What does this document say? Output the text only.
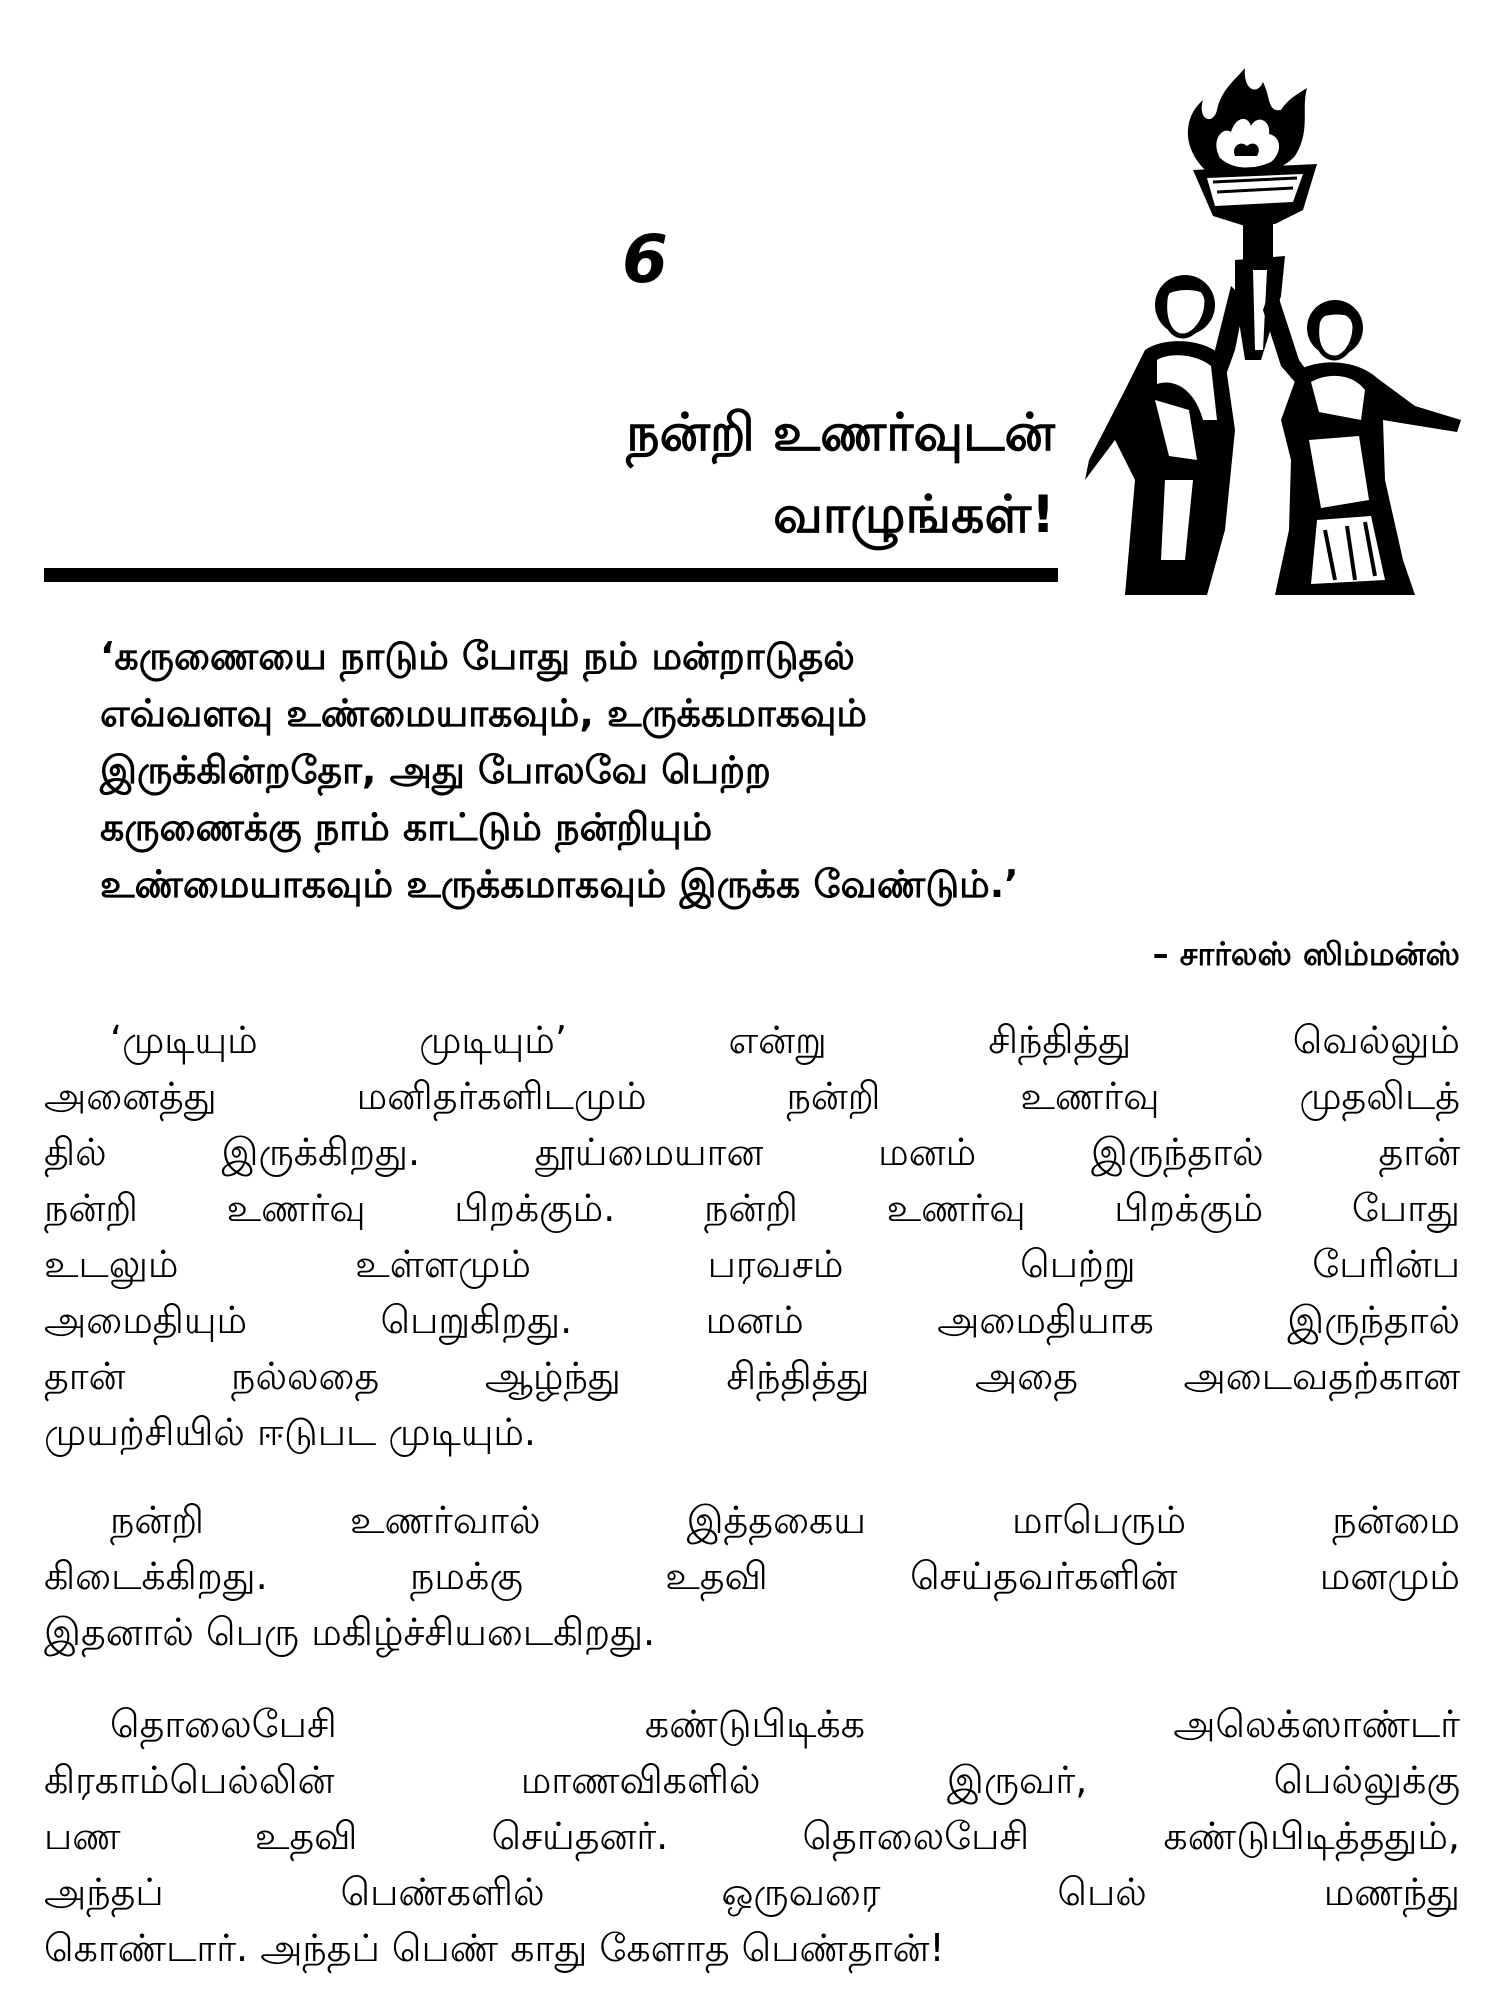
6
நன்றி உணர்வுடன்
வாழுங்கள்!
‘கருணையை நாடும் போது நம் மன்றாடுதல்
எவ்வளவு உண்மையாகவும், உருக்கமாகவும்
இருக்கின்றதோ, அது போலவே பெற்ற
கருணைக்கு நாம் காட்டும் நன்றியும்
உண்மையாகவும் உருக்கமாகவும் இருக்க வேண்டும்.’
– சார்லஸ் ஸிம்மன்ஸ்
‘முடியும் முடியும்’ என்று சிந்தித்து வெல்லும்
அனைத்து மனிதர்களிடமும் நன்றி உணர்வு முதலிடத்
தில் இருக்கிறது. தூய்மையான மனம் இருந்தால் தான்
நன்றி உணர்வு பிறக்கும். நன்றி உணர்வு பிறக்கும் போது
உடலும் உள்ளமும் பரவசம் பெற்று பேரின்ப
அமைதியும் பெறுகிறது. மனம் அமைதியாக இருந்தால்
தான் நல்லதை ஆழ்ந்து சிந்தித்து அதை அடைவதற்கான
முயற்சியில் ஈடுபட முடியும்.
நன்றி உணர்வால் இத்தகைய மாபெரும் நன்மை
கிடைக்கிறது. நமக்கு உதவி செய்தவர்களின் மனமும்
இதனால் பெரு மகிழ்ச்சியடைகிறது.
தொலைபேசி கண்டுபிடிக்க அலெக்ஸாண்டர்
கிரகாம்பெல்லின் மாணவிகளில் இருவர், பெல்லுக்கு
பண உதவி செய்தனர். தொலைபேசி கண்டுபிடித்ததும்,
அந்தப் பெண்களில் ஒருவரை பெல் மணந்து
கொண்டார். அந்தப் பெண் காது கேளாத பெண்தான்!
